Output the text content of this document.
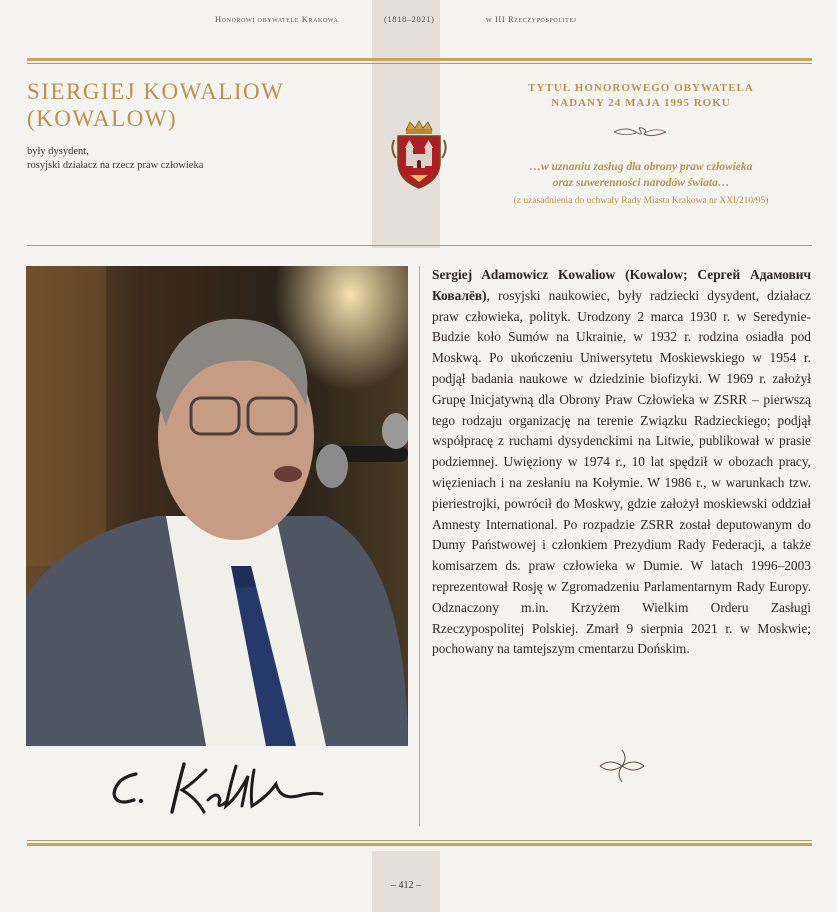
Honorowi obywatele Krakowa	(1818–2021)	w III Rzeczypospolitej
SIERGIEJ KOWALIOW
(KOWALOW)
były dysydent,
rosyjski działacz na rzecz praw człowieka
TYTUŁ HONOROWEGO OBYWATELA
NADANY 24 MAJA 1995 ROKU
…w uznaniu zasług dla obrony praw człowieka
oraz suwerenności narodów świata…
(z uzasadnienia do uchwały Rady Miasta Krakowa nr XXI/210/95)
Sergiej Adamowicz Kowaliow (Kowalow; Сергей Адамович Ковалёв), rosyjski naukowiec, były radziecki dysydent, działacz praw człowieka, polityk. Urodzony 2 marca 1930 r. w Seredynie-Budzie koło Sumów na Ukrainie, w 1932 r. rodzina osiadła pod Moskwą. Po ukończeniu Uniwersytetu Moskiewskiego w 1954 r. podjął badania naukowe w dziedzinie biofizyki. W 1969 r. założył Grupę Inicjatywną dla Obrony Praw Człowieka w ZSRR – pierwszą tego rodzaju organizację na terenie Związku Radzieckiego; podjął współpracę z ruchami dysydenckimi na Litwie, publikował w prasie podziemnej. Uwięziony w 1974 r., 10 lat spędził w obozach pracy, więzieniach i na zesłaniu na Kołymie. W 1986 r., w warunkach tzw. pieriestrojki, powrócił do Moskwy, gdzie założył moskiewski oddział Amnesty International. Po rozpadzie ZSRR został deputowanym do Dumy Państwowej i członkiem Prezydium Rady Federacji, a także komisarzem ds. praw człowieka w Dumie. W latach 1996–2003 reprezentował Rosję w Zgromadzeniu Parlamentarnym Rady Europy. Odznaczony m.in. Krzyżem Wielkim Orderu Zasługi Rzeczypospolitej Polskiej. Zmarł 9 sierpnia 2021 r. w Moskwie; pochowany na tamtejszym cmentarzu Dońskim.
– 412 –
